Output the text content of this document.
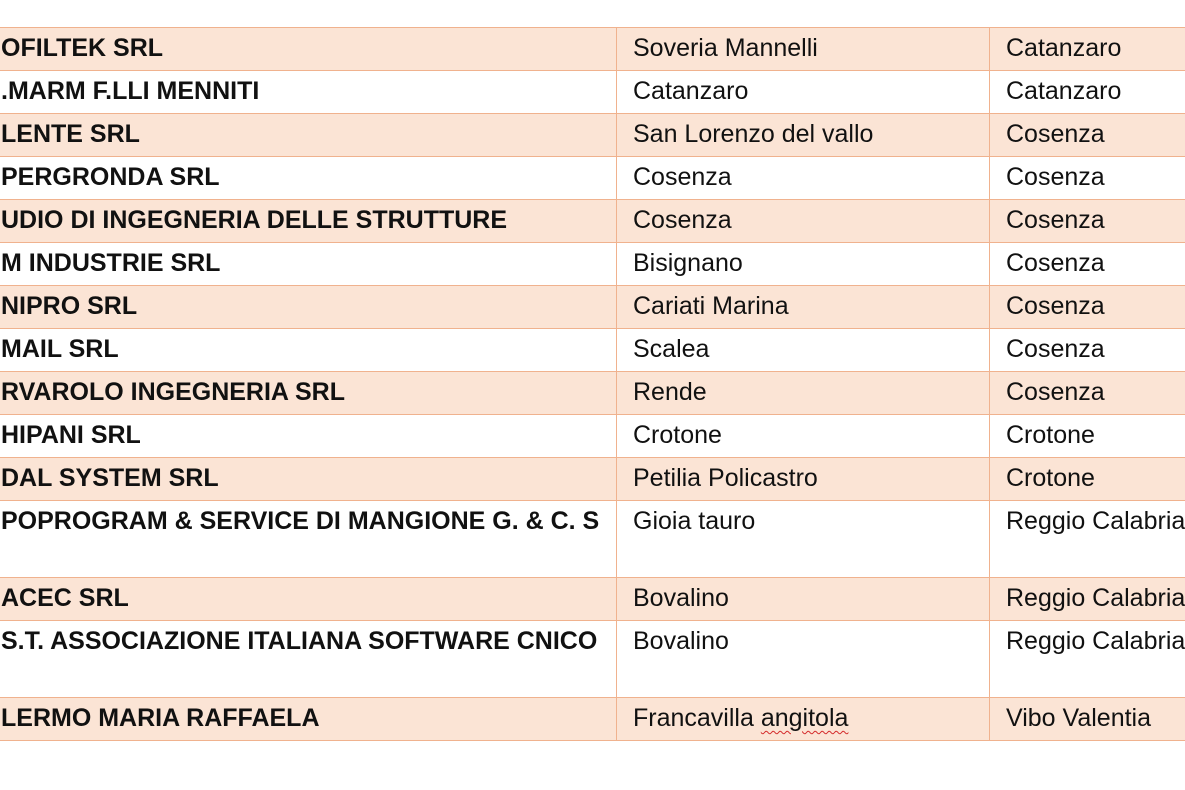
OFILTEK SRL	Soveria Mannelli	Catanzaro
.MARM F.LLI MENNITI	Catanzaro	Catanzaro
LENTE SRL	San Lorenzo del vallo	Cosenza
PERGRONDA SRL	Cosenza	Cosenza
UDIO DI INGEGNERIA DELLE STRUTTURE	Cosenza	Cosenza
M INDUSTRIE SRL	Bisignano	Cosenza
NIPRO SRL	Cariati Marina	Cosenza
MAIL SRL	Scalea	Cosenza
RVAROLO INGEGNERIA SRL	Rende	Cosenza
HIPANI SRL	Crotone	Crotone
DAL SYSTEM SRL	Petilia Policastro	Crotone
POPROGRAM & SERVICE DI MANGIONE G. & C. S	Gioia tauro	Reggio Calabria
ACEC SRL	Bovalino	Reggio Calabria
S.T. ASSOCIAZIONE ITALIANA SOFTWARE CNICO	Bovalino	Reggio Calabria
LERMO MARIA RAFFAELA	Francavilla angitola	Vibo Valentia
